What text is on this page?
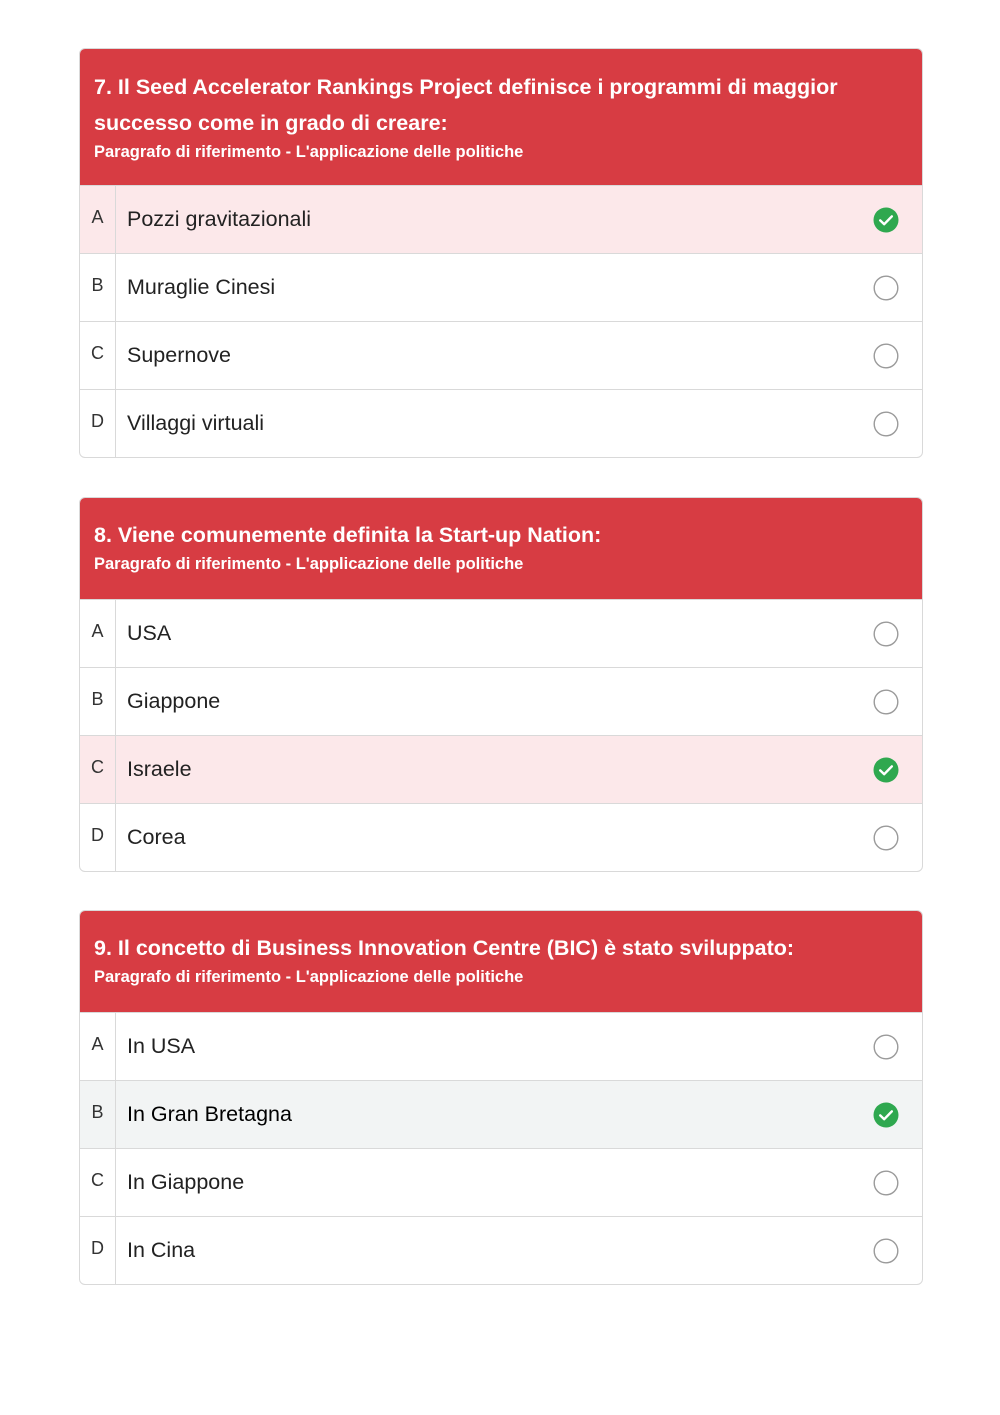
7. Il Seed Accelerator Rankings Project definisce i programmi di maggior
successo come in grado di creare:
Paragrafo di riferimento - L'applicazione delle politiche
A	Pozzi gravitazionali
B	Muraglie Cinesi
C	Supernove
D	Villaggi virtuali
8. Viene comunemente definita la Start-up Nation:
Paragrafo di riferimento - L'applicazione delle politiche
A	USA
B	Giappone
C	Israele
D	Corea
9. Il concetto di Business Innovation Centre (BIC) è stato sviluppato:
Paragrafo di riferimento - L'applicazione delle politiche
A	In USA
B	In Gran Bretagna
C	In Giappone
D	In Cina
